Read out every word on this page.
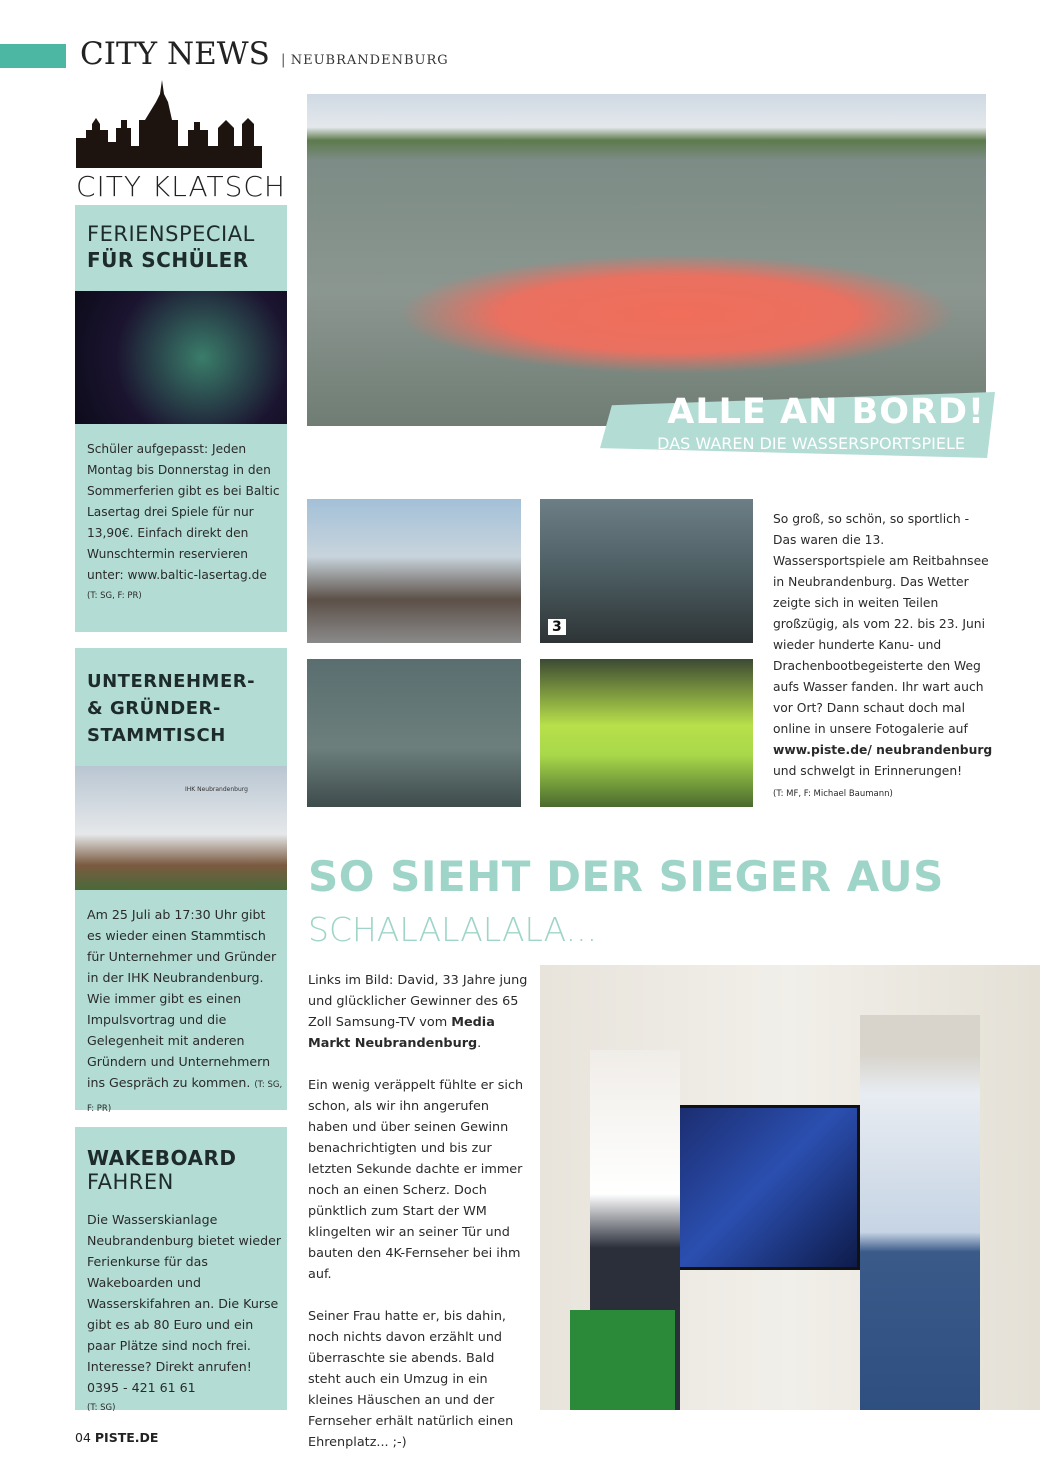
CITY NEWS | NEUBRANDENBURG
CITY KLATSCH
FERIENSPECIAL
FÜR SCHÜLER
Schüler aufgepasst: Jeden Montag bis Donnerstag in den Sommerferien gibt es bei Baltic Lasertag drei Spiele für nur 13,90€. Einfach direkt den Wunschtermin reservieren unter: www.baltic-lasertag.de
(T: SG, F: PR)
UNTERNEHMER- & GRÜNDER- STAMMTISCH
IHK Neubrandenburg
Am 25 Juli ab 17:30 Uhr gibt es wieder einen Stammtisch für Unternehmer und Gründer in der IHK Neubrandenburg. Wie immer gibt es einen Impulsvortrag und die Gelegenheit mit anderen Gründern und Unternehmern ins Gespräch zu kommen. (T: SG, F: PR)
WAKEBOARD
FAHREN
Die Wasserskianlage Neubrandenburg bietet wieder Ferienkurse für das Wakeboarden und Wasserskifahren an. Die Kurse gibt es ab 80 Euro und ein paar Plätze sind noch frei. Interesse? Direkt anrufen! 0395 - 421 61 61
(T: SG)
ALLE AN BORD!
DAS WAREN DIE WASSERSPORTSPIELE
3
So groß, so schön, so sportlich - Das waren die 13. Wassersportspiele am Reitbahnsee in Neubrandenburg. Das Wetter zeigte sich in weiten Teilen großzügig, als vom 22. bis 23. Juni wieder hunderte Kanu- und Drachenbootbegeisterte den Weg aufs Wasser fanden. Ihr wart auch vor Ort? Dann schaut doch mal online in unsere Fotogalerie auf www.piste.de/ neubrandenburg und schwelgt in Erinnerungen!
(T: MF, F: Michael Baumann)
SO SIEHT DER SIEGER AUS
SCHALALALALA...

Links im Bild: David, 33 Jahre jung und glücklicher Gewinner des 65 Zoll Samsung-TV vom Media Markt Neubrandenburg.

Ein wenig veräppelt fühlte er sich schon, als wir ihn angerufen haben und über seinen Gewinn benachrichtigten und bis zur letzten Sekunde dachte er immer noch an einen Scherz. Doch pünktlich zum Start der WM klingelten wir an seiner Tür und bauten den 4K-Fernseher bei ihm auf.

Seiner Frau hatte er, bis dahin, noch nichts davon erzählt und überraschte sie abends. Bald steht auch ein Umzug in ein kleines Häuschen an und der Fernseher erhält natürlich einen Ehrenplatz... ;-)

04 PISTE.DE
